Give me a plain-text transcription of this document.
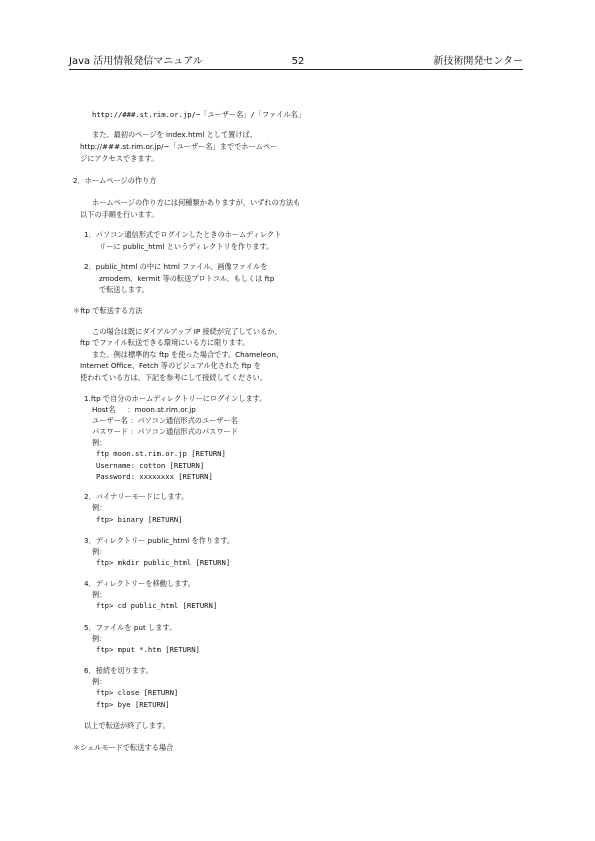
Java 活用情報発信マニュアル	52	新技術開発センター
http://###.st.rim.or.jp/~「ユーザー名」/「ファイル名」
また、最初のページを index.html として置けば、
http://###.st.rim.or.jp/~「ユーザー名」まででホームペー
ジにアクセスできます。
2．ホームページの作り方
ホームページの作り方には何種類かありますが、いずれの方法も
以下の手順を行います。
1．パソコン通信形式でログインしたときのホームディレクト
リーに public_html というディレクトリを作ります。
2．public_html の中に html ファイル、画像ファイルを
zmodem、kermit 等の転送プロトコル、もしくは ftp
で転送します。
＊ftp で転送する方法
この場合は既にダイアルアップ IP 接続が完了しているか、
ftp でファイル転送できる環境にいる方に限ります。
また、例は標準的な ftp を使った場合です。Chameleon、
Internet Office、Fetch 等のビジュアル化された ftp を
使われている方は、下記を参考にして接続してください。
1.ftp で自分のホームディレクトリーにログインします。
Host名　  ：moon.st.rim.or.jp
ユーザー名 ：パソコン通信形式のユーザー名
パスワード ：パソコン通信形式のパスワード
例：
ftp moon.st.rim.or.jp [RETURN]
Username: cotton [RETURN]
Password: xxxxxxxx [RETURN]
2．バイナリーモードにします。
例：
ftp> binary [RETURN]
3．ディレクトリー public_html を作ります。
例：
ftp> mkdir public_html [RETURN]
4．ディレクトリーを移動します。
例：
ftp> cd public_html [RETURN]
5．ファイルを put します。
例：
ftp> mput *.htm [RETURN]
6．接続を切ります。
例：
ftp> close [RETURN]
ftp> bye [RETURN]
以上で転送が終了します。
＊シェルモードで転送する場合
